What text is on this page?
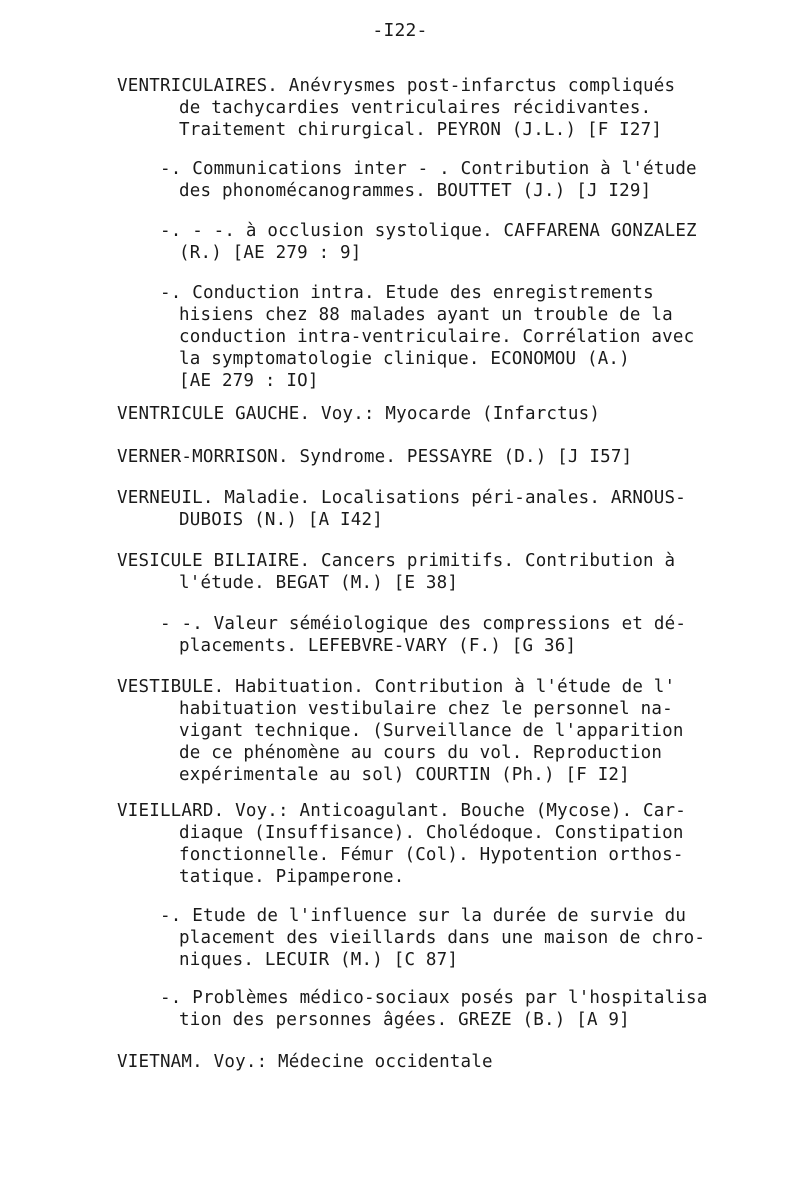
-I22-
VENTRICULAIRES. Anévrysmes post-infarctus compliqués
de tachycardies ventriculaires récidivantes.
Traitement chirurgical. PEYRON (J.L.) [F I27]
-. Communications inter - . Contribution à l'étude
des phonomécanogrammes. BOUTTET (J.) [J I29]
-. - -. à occlusion systolique. CAFFARENA GONZALEZ
(R.) [AE 279 : 9]
-. Conduction intra. Etude des enregistrements
hisiens chez 88 malades ayant un trouble de la
conduction intra-ventriculaire. Corrélation avec
la symptomatologie clinique. ECONOMOU (A.)
[AE 279 : IO]
VENTRICULE GAUCHE. Voy.: Myocarde (Infarctus)
VERNER-MORRISON. Syndrome. PESSAYRE (D.) [J I57]
VERNEUIL. Maladie. Localisations péri-anales. ARNOUS-
DUBOIS (N.) [A I42]
VESICULE BILIAIRE. Cancers primitifs. Contribution à
l'étude. BEGAT (M.) [E 38]
- -. Valeur séméiologique des compressions et dé-
placements. LEFEBVRE-VARY (F.) [G 36]
VESTIBULE. Habituation. Contribution à l'étude de l'
habituation vestibulaire chez le personnel na-
vigant technique. (Surveillance de l'apparition
de ce phénomène au cours du vol. Reproduction
expérimentale au sol) COURTIN (Ph.) [F I2]
VIEILLARD. Voy.: Anticoagulant. Bouche (Mycose). Car-
diaque (Insuffisance). Cholédoque. Constipation
fonctionnelle. Fémur (Col). Hypotention orthos-
tatique. Pipamperone.
-. Etude de l'influence sur la durée de survie du
placement des vieillards dans une maison de chro-
niques. LECUIR (M.) [C 87]
-. Problèmes médico-sociaux posés par l'hospitalisa
tion des personnes âgées. GREZE (B.) [A 9]
VIETNAM. Voy.: Médecine occidentale
